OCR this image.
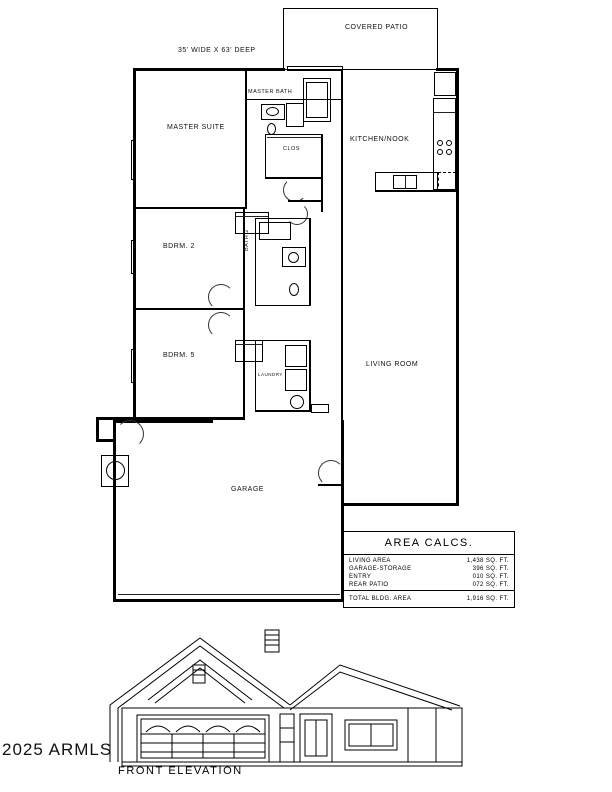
COVERED PATIO
35' WIDE X 63' DEEP
GARAGE
MASTER SUITE
MASTER BATH
CLOS
KITCHEN/NOOK
BDRM. 2	BATH 2
BDRM. 5
LAUNDRY
LIVING ROOM
AREA CALCS.
LIVING AREA	1,438 SQ. FT.
GARAGE-STORAGE	396 SQ. FT.
ENTRY	010 SQ. FT.
REAR PATIO	072 SQ. FT.
TOTAL BLDG. AREA	1,916 SQ. FT.
FRONT ELEVATION
2025 ARMLS
